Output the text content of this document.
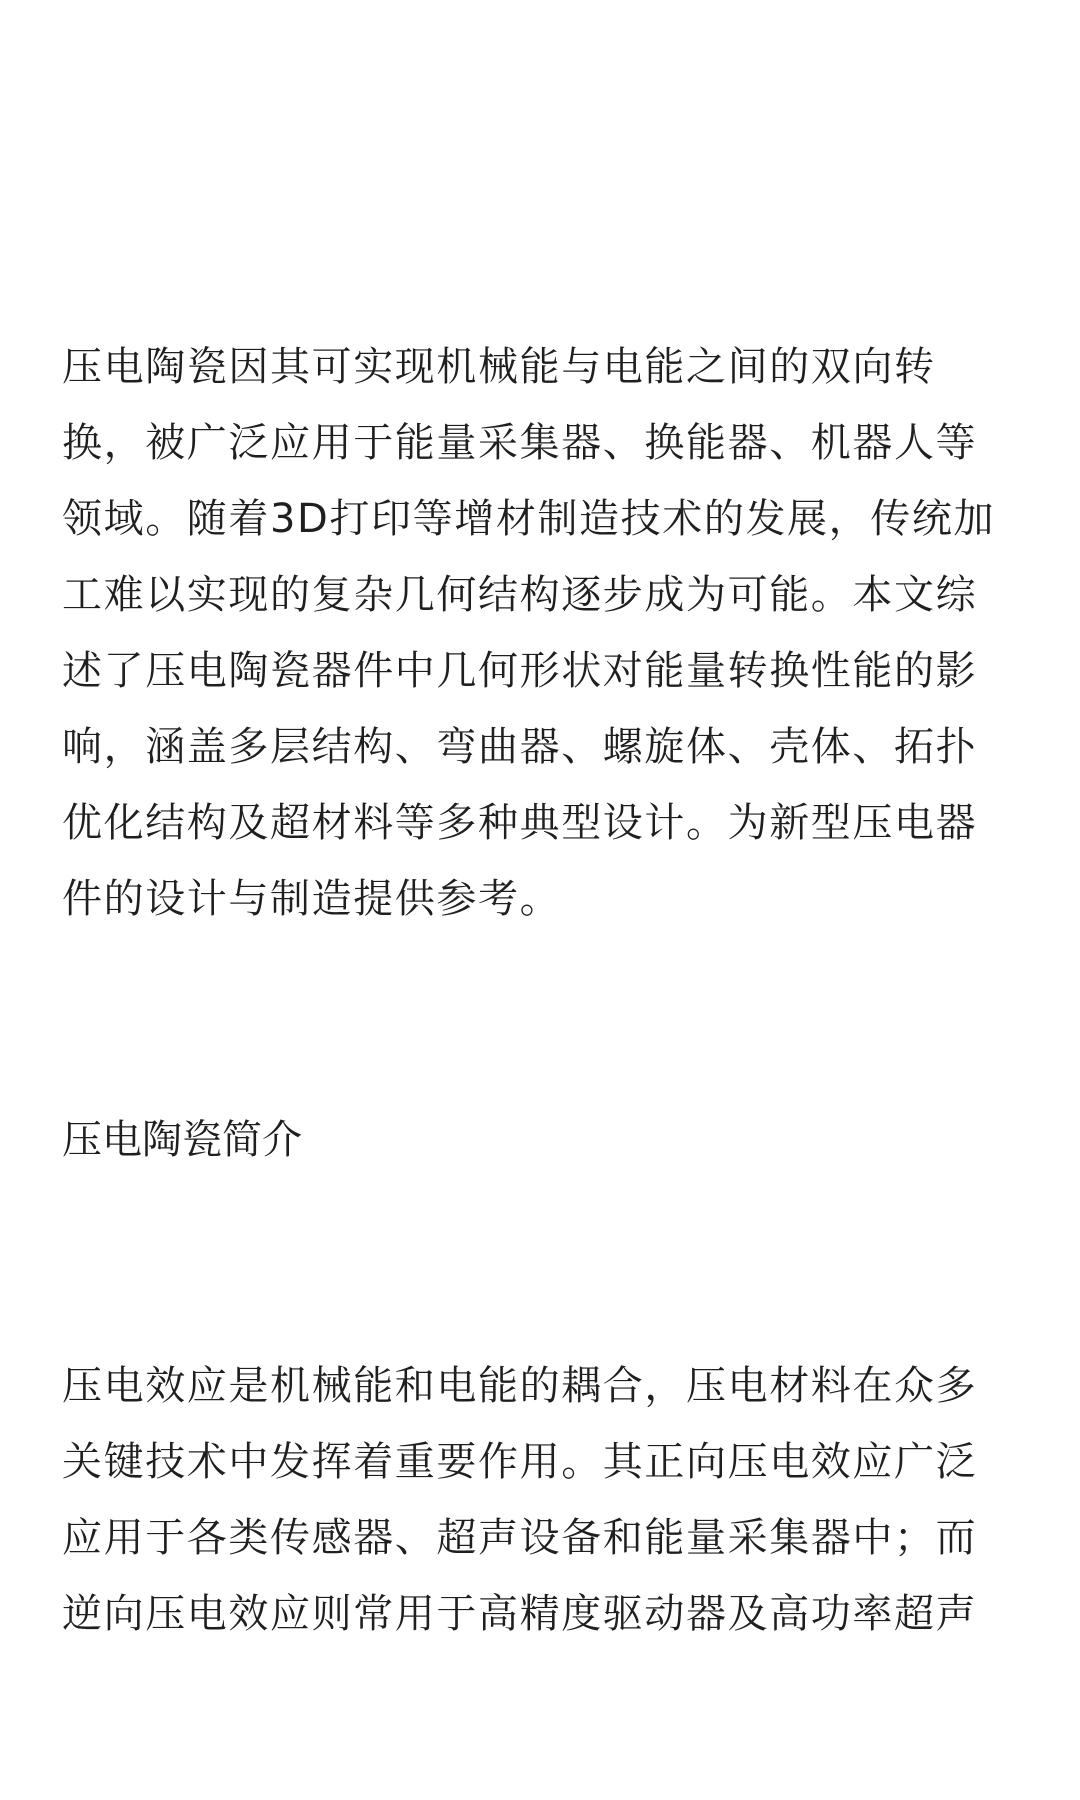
压电陶瓷因其可实现机械能与电能之间的双向转
换，被广泛应用于能量采集器、换能器、机器人等
领域。随着3D打印等增材制造技术的发展，传统加
工难以实现的复杂几何结构逐步成为可能。本文综
述了压电陶瓷器件中几何形状对能量转换性能的影
响，涵盖多层结构、弯曲器、螺旋体、壳体、拓扑
优化结构及超材料等多种典型设计。为新型压电器
件的设计与制造提供参考。

压电陶瓷简介

压电效应是机械能和电能的耦合，压电材料在众多
关键技术中发挥着重要作用。其正向压电效应广泛
应用于各类传感器、超声设备和能量采集器中；而
逆向压电效应则常用于高精度驱动器及高功率超声
